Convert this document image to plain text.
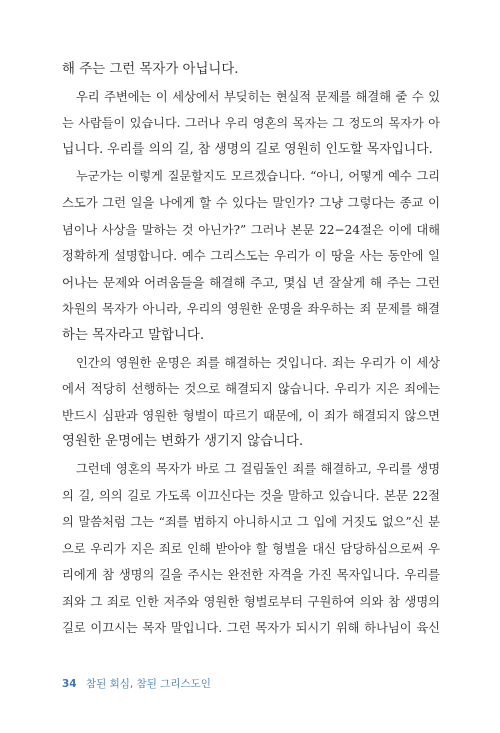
해 주는 그런 목자가 아닙니다.
우리 주변에는 이 세상에서 부딪히는 현실적 문제를 해결해 줄 수 있
는 사람들이 있습니다. 그러나 우리 영혼의 목자는 그 정도의 목자가 아
닙니다. 우리를 의의 길, 참 생명의 길로 영원히 인도할 목자입니다.
누군가는 이렇게 질문할지도 모르겠습니다. “아니, 어떻게 예수 그리
스도가 그런 일을 나에게 할 수 있다는 말인가? 그냥 그렇다는 종교 이
념이나 사상을 말하는 것 아닌가?” 그러나 본문 22−24절은 이에 대해
정확하게 설명합니다. 예수 그리스도는 우리가 이 땅을 사는 동안에 일
어나는 문제와 어려움들을 해결해 주고, 몇십 년 잘살게 해 주는 그런
차원의 목자가 아니라, 우리의 영원한 운명을 좌우하는 죄 문제를 해결
하는 목자라고 말합니다.
인간의 영원한 운명은 죄를 해결하는 것입니다. 죄는 우리가 이 세상
에서 적당히 선행하는 것으로 해결되지 않습니다. 우리가 지은 죄에는
반드시 심판과 영원한 형벌이 따르기 때문에, 이 죄가 해결되지 않으면
영원한 운명에는 변화가 생기지 않습니다.
그런데 영혼의 목자가 바로 그 걸림돌인 죄를 해결하고, 우리를 생명
의 길, 의의 길로 가도록 이끄신다는 것을 말하고 있습니다. 본문 22절
의 말씀처럼 그는 “죄를 범하지 아니하시고 그 입에 거짓도 없으”신 분
으로 우리가 지은 죄로 인해 받아야 할 형벌을 대신 담당하심으로써 우
리에게 참 생명의 길을 주시는 완전한 자격을 가진 목자입니다. 우리를
죄와 그 죄로 인한 저주와 영원한 형벌로부터 구원하여 의와 참 생명의
길로 이끄시는 목자 말입니다. 그런 목자가 되시기 위해 하나님이 육신
34 참된 회심, 참된 그리스도인
